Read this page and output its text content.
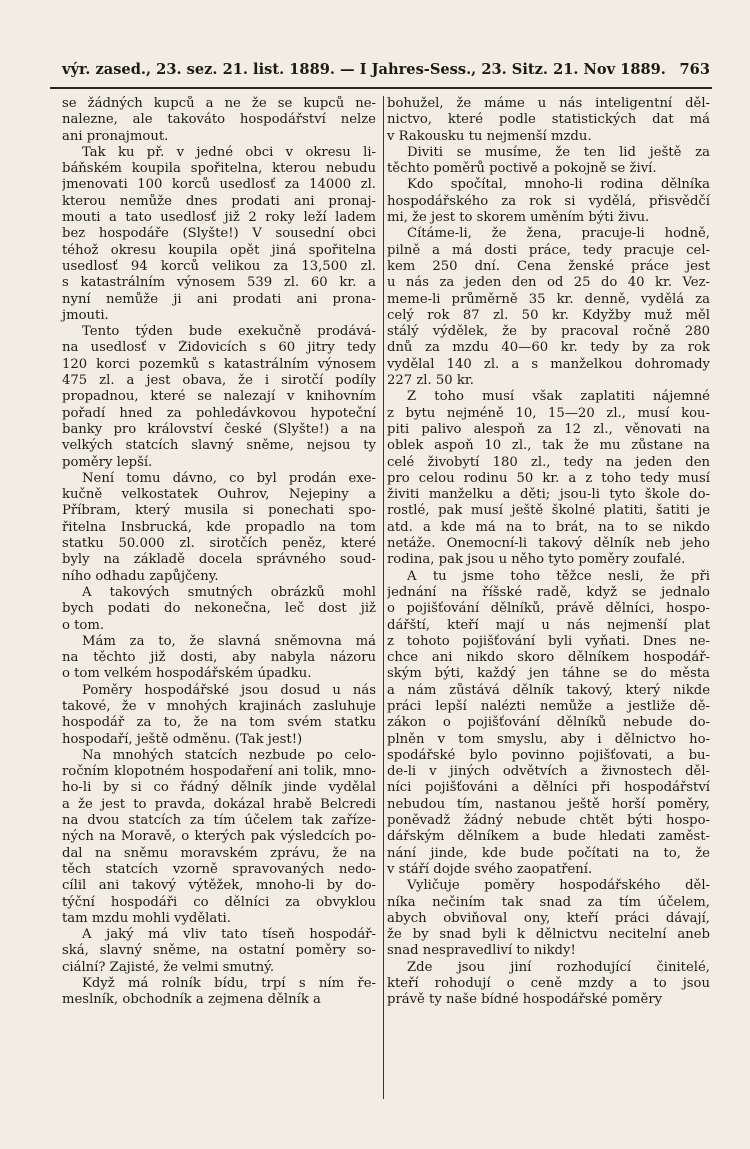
výr. zased., 23. sez. 21. list. 1889. — I Jahres-Sess., 23. Sitz. 21. Nov 1889. 763
se žádných kupců a ne že se kupců ne-
nalezne, ale takováto hospodářství nelze
ani pronajmout.
Tak ku př. v jedné obci v okresu li-
báňském koupila spořitelna, kterou nebudu
jmenovati 100 korců usedlosť za 14000 zl.
kterou nemůže dnes prodati ani pronaj-
mouti a tato usedlosť již 2 roky leží ladem
bez hospodáře (Slyšte!) V sousední obci
téhož okresu koupila opět jiná spořitelna
usedlosť 94 korců velikou za 13,500 zl.
s katastrálním výnosem 539 zl. 60 kr. a
nyní nemůže ji ani prodati ani prona-
jmouti.
Tento týden bude exekučně prodává-
na usedlosť v Židovicích s 60 jitry tedy
120 korci pozemků s katastrálním výnosem
475 zl. a jest obava, že i sirotčí podíly
propadnou, které se nalezají v knihovním
pořadí hned za pohledávkovou hypoteční
banky pro království české (Slyšte!) a na
velkých statcích slavný sněme, nejsou ty
poměry lepší.
Není tomu dávno, co byl prodán exe-
kučně velkostatek Ouhrov, Nejepiny a
Příbram, který musila si ponechati spo-
řitelna Insbrucká, kde propadlo na tom
statku 50.000 zl. sirotčích peněz, které
byly na základě docela správného soud-
ního odhadu zapůjčeny.
A takových smutných obrázků mohl
bych podati do nekonečna, leč dost již
o tom.
Mám za to, že slavná sněmovna má
na těchto již dosti, aby nabyla názoru
o tom velkém hospodářském úpadku.
Poměry hospodářské jsou dosud u nás
takové, že v mnohých krajinách zasluhuje
hospodář za to, že na tom svém statku
hospodaří, ještě odměnu. (Tak jest!)
Na mnohých statcích nezbude po celo-
ročním klopotném hospodaření ani tolik, mno-
ho-li by si co řádný dělník jinde vydělal
a že jest to pravda, dokázal hrabě Belcredi
na dvou statcích za tím účelem tak zaříze-
ných na Moravě, o kterých pak výsledcích po-
dal na sněmu moravském zprávu, že na
těch statcích vzorně spravovaných nedo-
cílil ani takový výtěžek, mnoho-li by do-
týční hospodáři co dělníci za obvyklou
tam mzdu mohli vydělati.
A jaký má vliv tato tíseň hospodář-
ská, slavný sněme, na ostatní poměry so-
ciální? Zajisté, že velmi smutný.
Když má rolník bídu, trpí s ním ře-
meslník, obchodník a zejmena dělník a
bohužel, že máme u nás inteligentní děl-
nictvo, které podle statistických dat má
v Rakousku tu nejmenší mzdu.
Diviti se musíme, že ten lid ještě za
těchto poměrů poctivě a pokojně se živí.
Kdo spočítal, mnoho-li rodina dělníka
hospodářského za rok si vydělá, přisvědčí
mi, že jest to skorem uměním býti živu.
Čítáme-li, že žena, pracuje-li hodně,
pilně a má dosti práce, tedy pracuje cel-
kem 250 dní. Cena ženské práce jest
u nás za jeden den od 25 do 40 kr. Vez-
meme-li průměrně 35 kr. denně, vydělá za
celý rok 87 zl. 50 kr. Kdyžby muž měl
stálý výdělek, že by pracoval ročně 280
dnů za mzdu 40—60 kr. tedy by za rok
vydělal 140 zl. a s manželkou dohromady
227 zl. 50 kr.
Z toho musí však zaplatiti nájemné
z bytu nejméně 10, 15—20 zl., musí kou-
piti palivo alespoň za 12 zl., věnovati na
oblek aspoň 10 zl., tak že mu zůstane na
celé živobytí 180 zl., tedy na jeden den
pro celou rodinu 50 kr. a z toho tedy musí
živiti manželku a děti; jsou-li tyto škole do-
rostlé, pak musí ještě školné platiti, šatiti je
atd. a kde má na to brát, na to se nikdo
netáže. Onemocní-li takový dělník neb jeho
rodina, pak jsou u něho tyto poměry zoufalé.
A tu jsme toho těžce nesli, že při
jednání na říšské radě, když se jednalo
o pojišťování dělníků, právě dělníci, hospo-
dářští, kteří mají u nás nejmenší plat
z tohoto pojišťování byli vyňati. Dnes ne-
chce ani nikdo skoro dělníkem hospodář-
ským býti, každý jen táhne se do města
a nám zůstává dělník takový, který nikde
práci lepší nalézti nemůže a jestliže dě-
zákon o pojišťování dělníků nebude do-
plněn v tom smyslu, aby i dělnictvo ho-
spodářské bylo povinno pojišťovati, a bu-
de-li v jiných odvětvích a živnostech děl-
níci pojišťováni a dělníci při hospodářství
nebudou tím, nastanou ještě horší poměry,
poněvadž žádný nebude chtět býti hospo-
dářským dělníkem a bude hledati zaměst-
nání jinde, kde bude počítati na to, že
v stáří dojde svého zaopatření.
Vyličuje poměry hospodářského děl-
níka nečiním tak snad za tím účelem,
abych obviňoval ony, kteří práci dávají,
že by snad byli k dělnictvu necitelní aneb
snad nespravedliví to nikdy!
Zde jsou jiní rozhodující činitelé,
kteří rohodují o ceně mzdy a to jsou
právě ty naše bídné hospodářské poměry
